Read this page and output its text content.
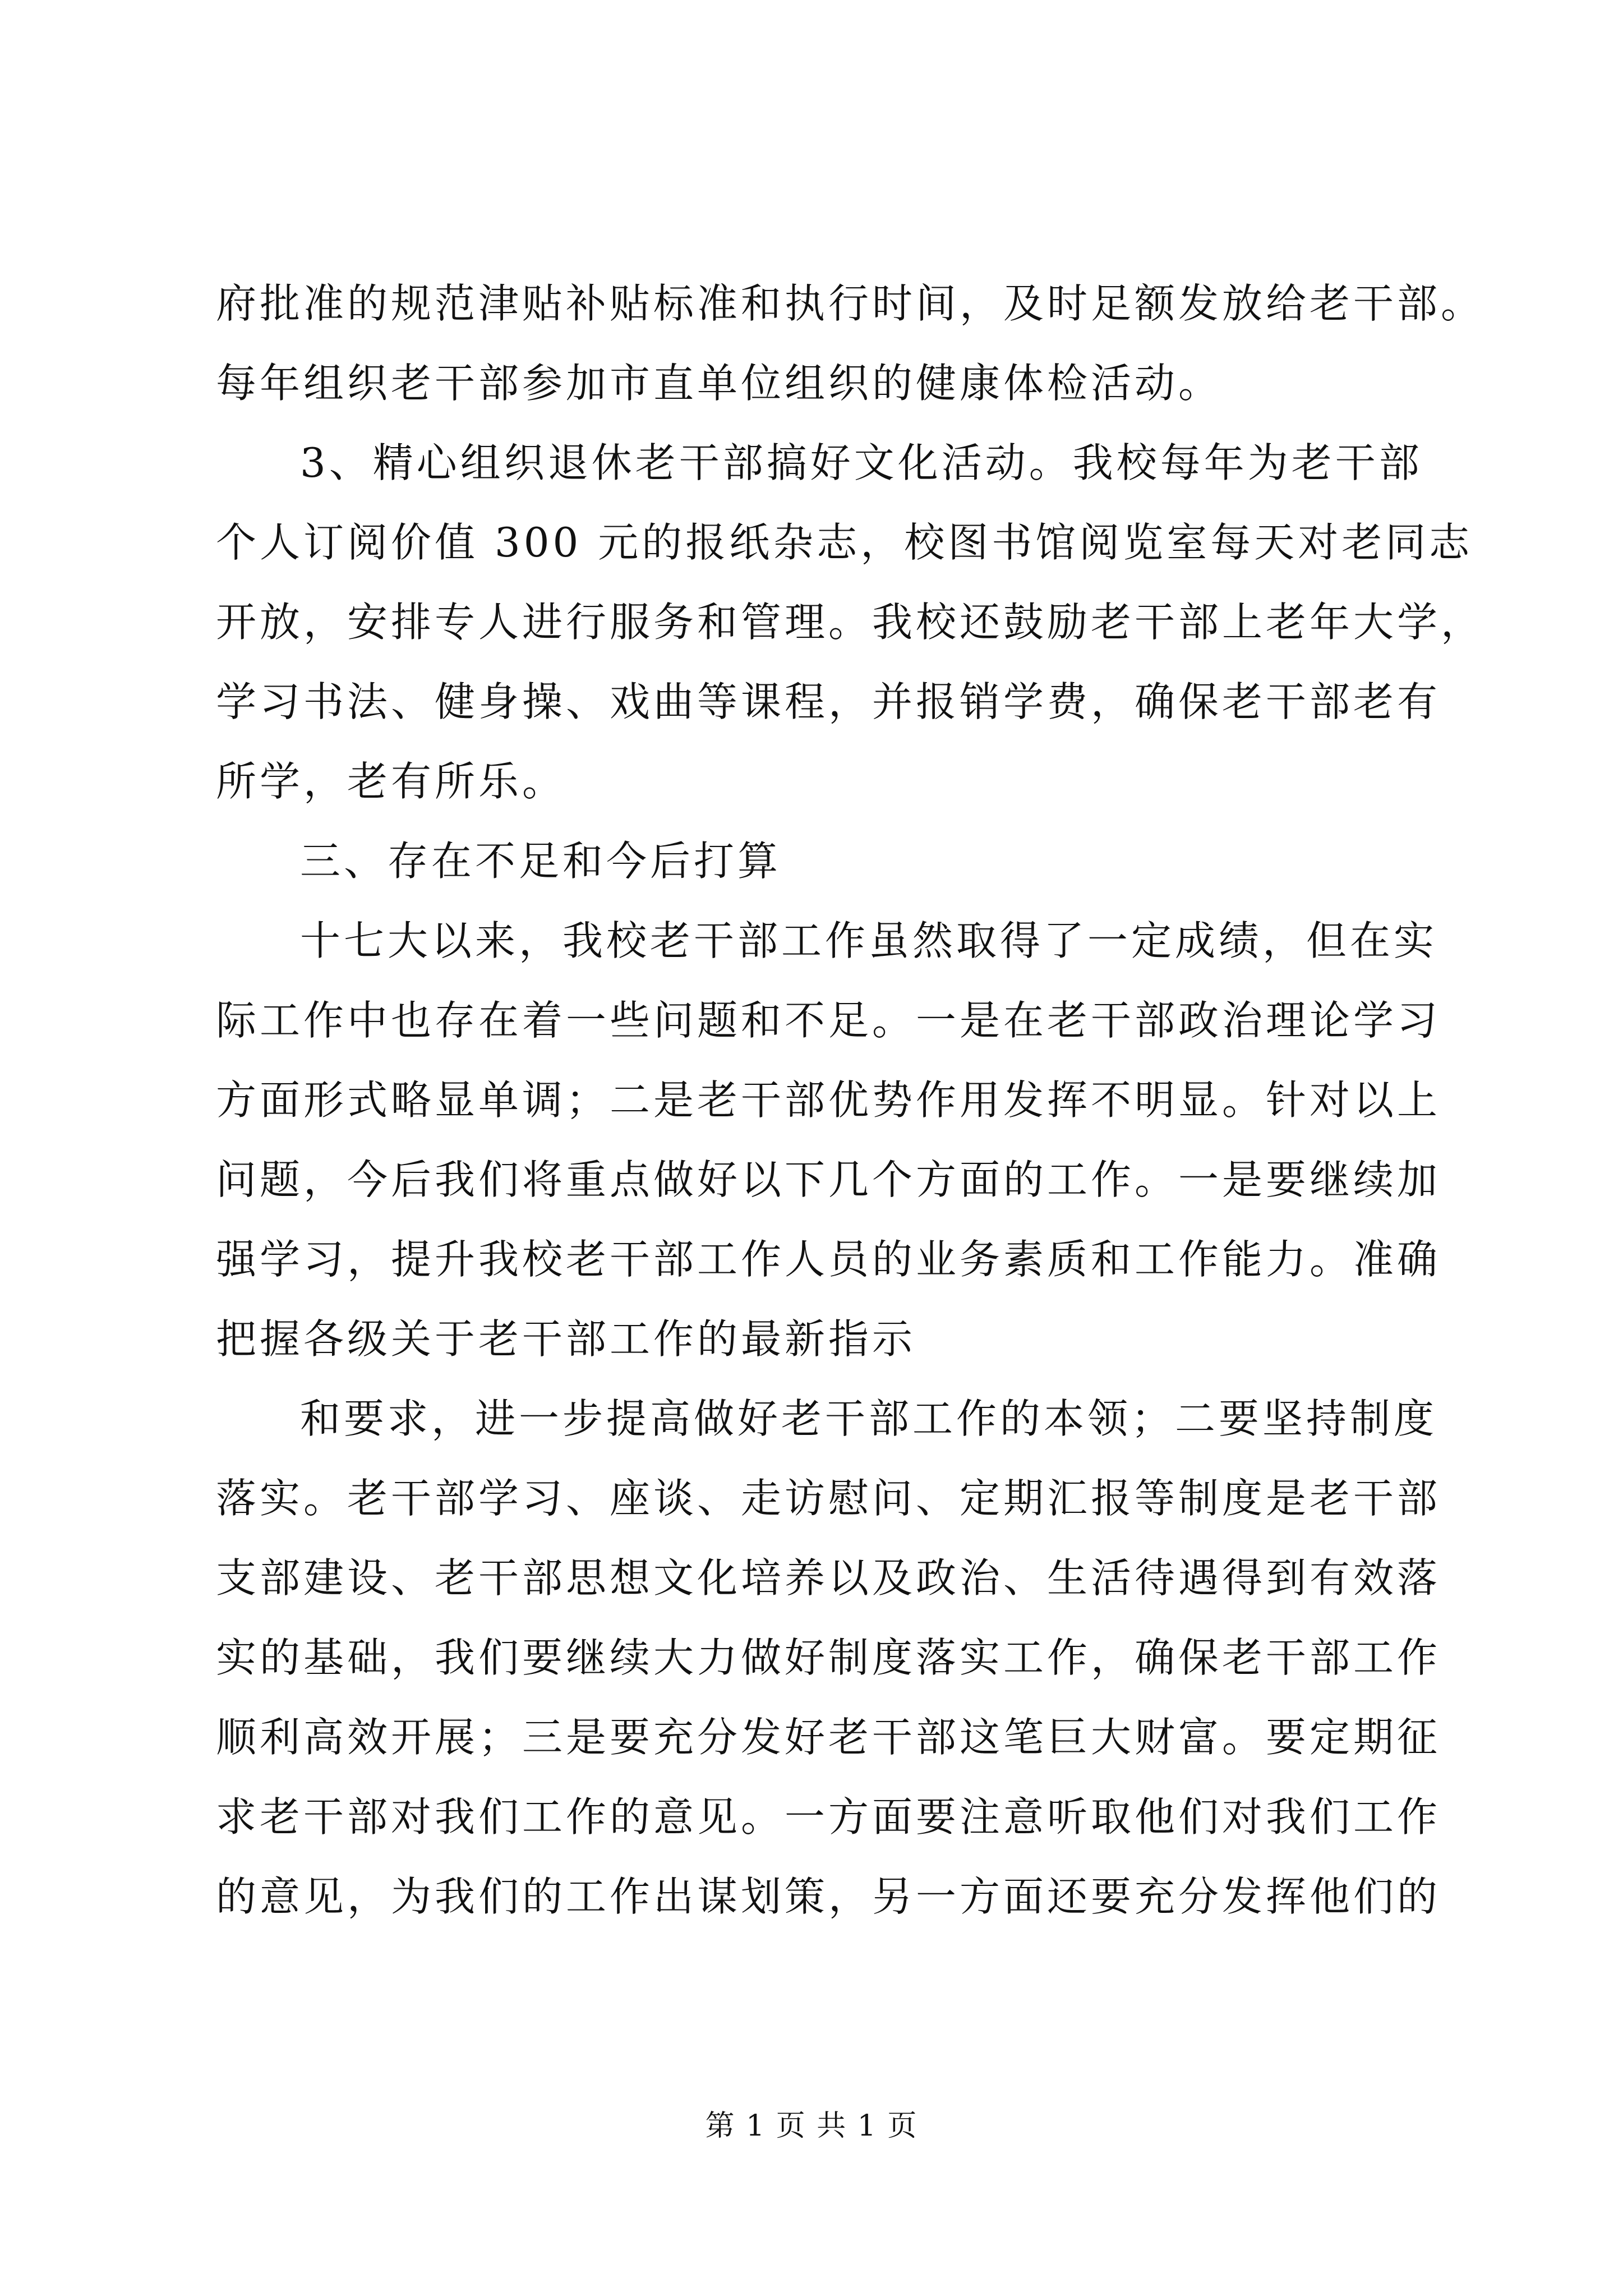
府批准的规范津贴补贴标准和执行时间，及时足额发放给老干部。
每年组织老干部参加市直单位组织的健康体检活动。
3、精心组织退休老干部搞好文化活动。我校每年为老干部
个人订阅价值 300 元的报纸杂志，校图书馆阅览室每天对老同志
开放，安排专人进行服务和管理。我校还鼓励老干部上老年大学，
学习书法、健身操、戏曲等课程，并报销学费，确保老干部老有
所学，老有所乐。
三、存在不足和今后打算
十七大以来，我校老干部工作虽然取得了一定成绩，但在实
际工作中也存在着一些问题和不足。一是在老干部政治理论学习
方面形式略显单调；二是老干部优势作用发挥不明显。针对以上
问题，今后我们将重点做好以下几个方面的工作。一是要继续加
强学习，提升我校老干部工作人员的业务素质和工作能力。准确
把握各级关于老干部工作的最新指示
和要求，进一步提高做好老干部工作的本领；二要坚持制度
落实。老干部学习、座谈、走访慰问、定期汇报等制度是老干部
支部建设、老干部思想文化培养以及政治、生活待遇得到有效落
实的基础，我们要继续大力做好制度落实工作，确保老干部工作
顺利高效开展；三是要充分发好老干部这笔巨大财富。要定期征
求老干部对我们工作的意见。一方面要注意听取他们对我们工作
的意见，为我们的工作出谋划策，另一方面还要充分发挥他们的
第 1 页 共 1 页
